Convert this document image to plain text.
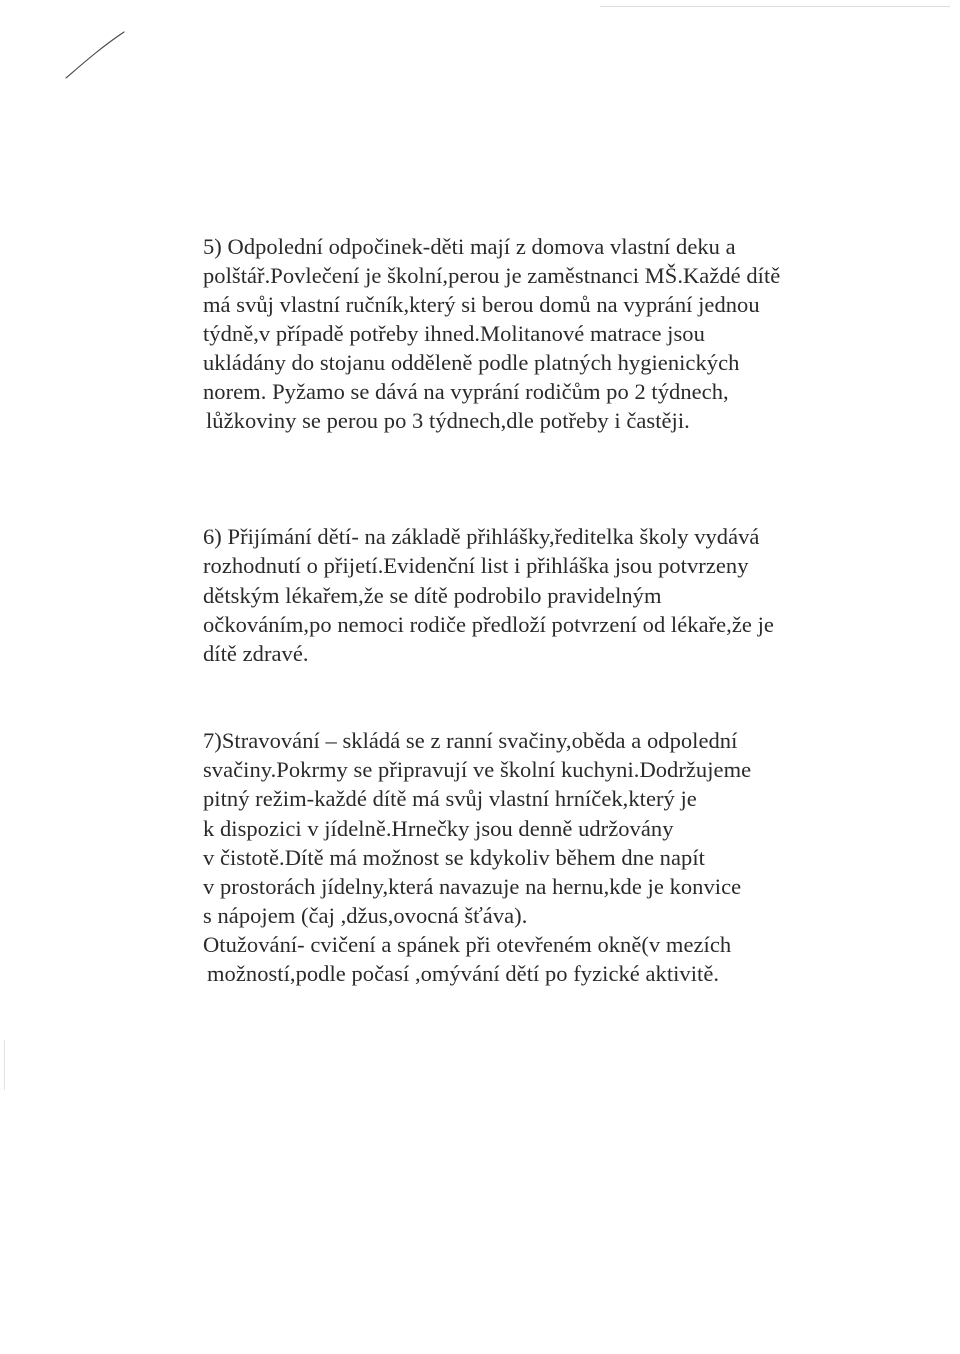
5) Odpolední odpočinek-děti mají z domova vlastní deku a
polštář.Povlečení je školní,perou je zaměstnanci MŠ.Každé dítě
má svůj vlastní ručník,který si berou domů na vyprání jednou
týdně,v případě potřeby ihned.Molitanové matrace jsou
ukládány do stojanu odděleně podle platných hygienických
norem. Pyžamo se dává na vyprání rodičům po 2 týdnech,
lůžkoviny se perou po 3 týdnech,dle potřeby i častěji.
6) Přijímání dětí- na základě přihlášky,ředitelka školy vydává
rozhodnutí o přijetí.Evidenční list i přihláška jsou potvrzeny
dětským lékařem,že se dítě podrobilo pravidelným
očkováním,po nemoci rodiče předloží potvrzení od lékaře,že je
dítě zdravé.
7)Stravování – skládá se z ranní svačiny,oběda a odpolední
svačiny.Pokrmy se připravují ve školní kuchyni.Dodržujeme
pitný režim-každé dítě má svůj vlastní hrníček,který je
k dispozici v jídelně.Hrnečky jsou denně udržovány
v čistotě.Dítě má možnost se kdykoliv během dne napít
v prostorách jídelny,která navazuje na hernu,kde je konvice
s nápojem (čaj ,džus,ovocná šťáva).
Otužování- cvičení a spánek při otevřeném okně(v mezích
možností,podle počasí ,omývání dětí po fyzické aktivitě.
